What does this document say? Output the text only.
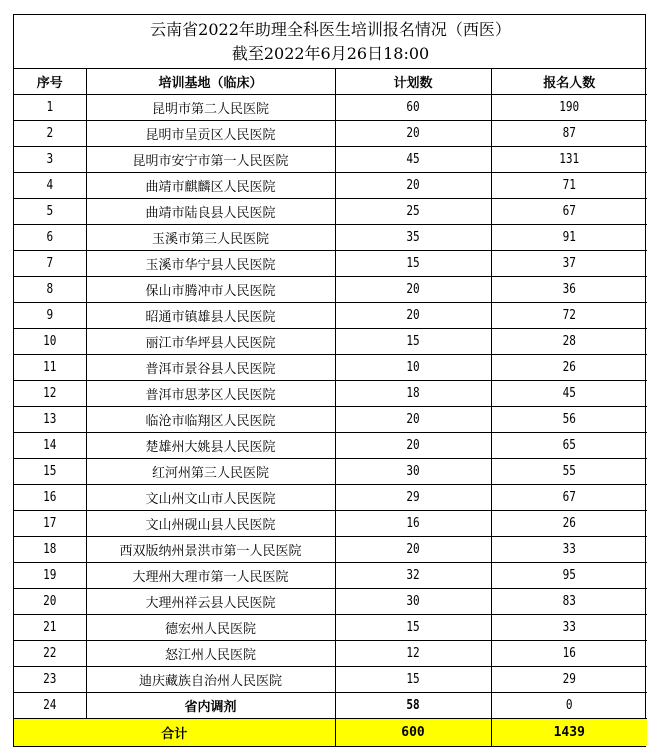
云南省2022年助理全科医生培训报名情况（西医）
截至2022年6月26日18:00			

序号	培训基地（临床）	计划数	报名人数
1	昆明市第二人民医院	60	190
2	昆明市呈贡区人民医院	20	87
3	昆明市安宁市第一人民医院	45	131
4	曲靖市麒麟区人民医院	20	71
5	曲靖市陆良县人民医院	25	67
6	玉溪市第三人民医院	35	91
7	玉溪市华宁县人民医院	15	37
8	保山市腾冲市人民医院	20	36
9	昭通市镇雄县人民医院	20	72
10	丽江市华坪县人民医院	15	28
11	普洱市景谷县人民医院	10	26
12	普洱市思茅区人民医院	18	45
13	临沧市临翔区人民医院	20	56
14	楚雄州大姚县人民医院	20	65
15	红河州第三人民医院	30	55
16	文山州文山市人民医院	29	67
17	文山州砚山县人民医院	16	26
18	西双版纳州景洪市第一人民医院	20	33
19	大理州大理市第一人民医院	32	95
20	大理州祥云县人民医院	30	83
21	德宏州人民医院	15	33
22	怒江州人民医院	12	16
23	迪庆藏族自治州人民医院	15	29
24	省内调剂	58	0
合计		600	1439
